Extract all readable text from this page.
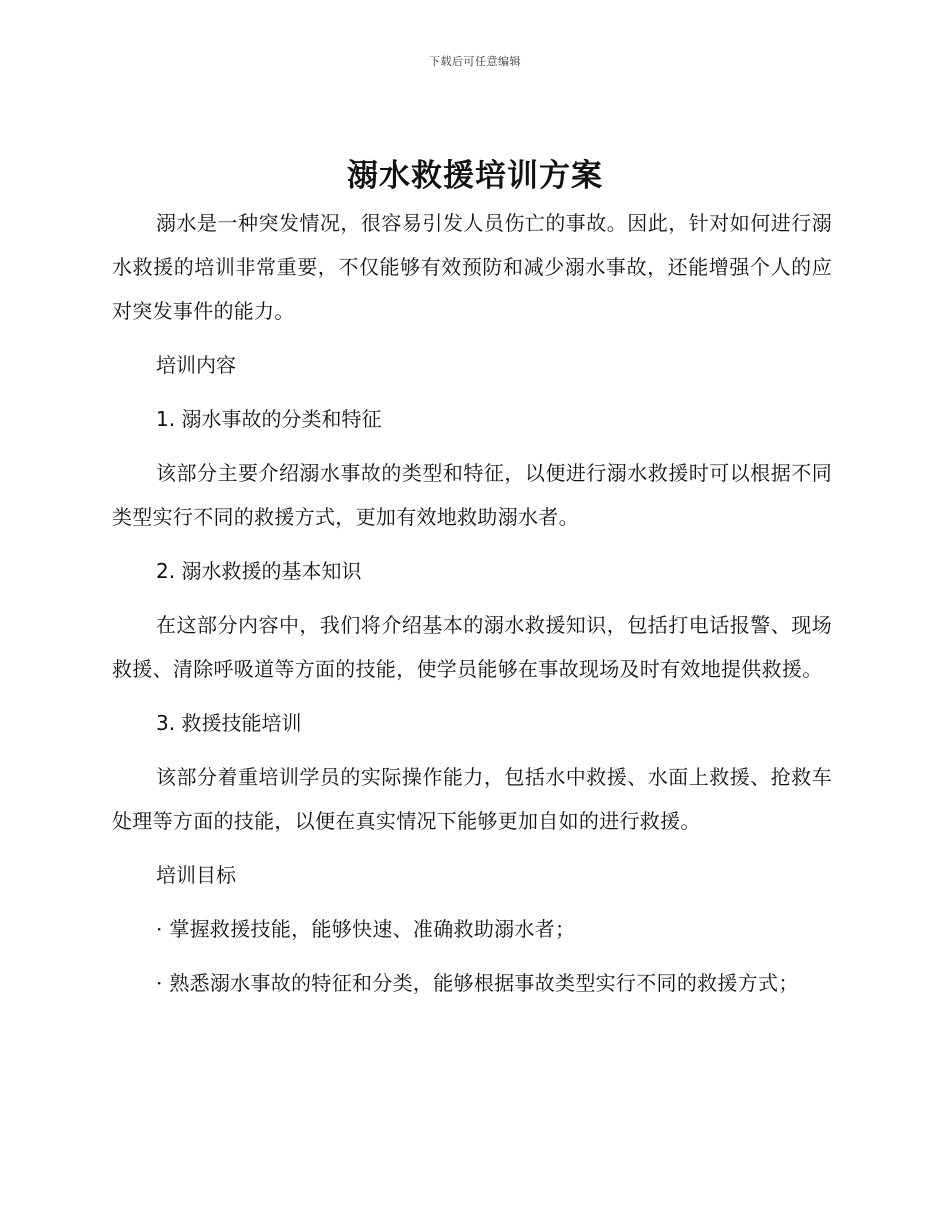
下载后可任意编辑
溺水救援培训方案

溺水是一种突发情况，很容易引发人员伤亡的事故。因此，针对如何进行溺水救援的培训非常重要，不仅能够有效预防和减少溺水事故，还能增强个人的应对突发事件的能力。

培训内容

1. 溺水事故的分类和特征

该部分主要介绍溺水事故的类型和特征，以便进行溺水救援时可以根据不同类型实行不同的救援方式，更加有效地救助溺水者。

2. 溺水救援的基本知识

在这部分内容中，我们将介绍基本的溺水救援知识，包括打电话报警、现场救援、清除呼吸道等方面的技能，使学员能够在事故现场及时有效地提供救援。

3. 救援技能培训

该部分着重培训学员的实际操作能力，包括水中救援、水面上救援、抢救车处理等方面的技能，以便在真实情况下能够更加自如的进行救援。

培训目标

· 掌握救援技能，能够快速、准确救助溺水者；

· 熟悉溺水事故的特征和分类，能够根据事故类型实行不同的救援方式；
